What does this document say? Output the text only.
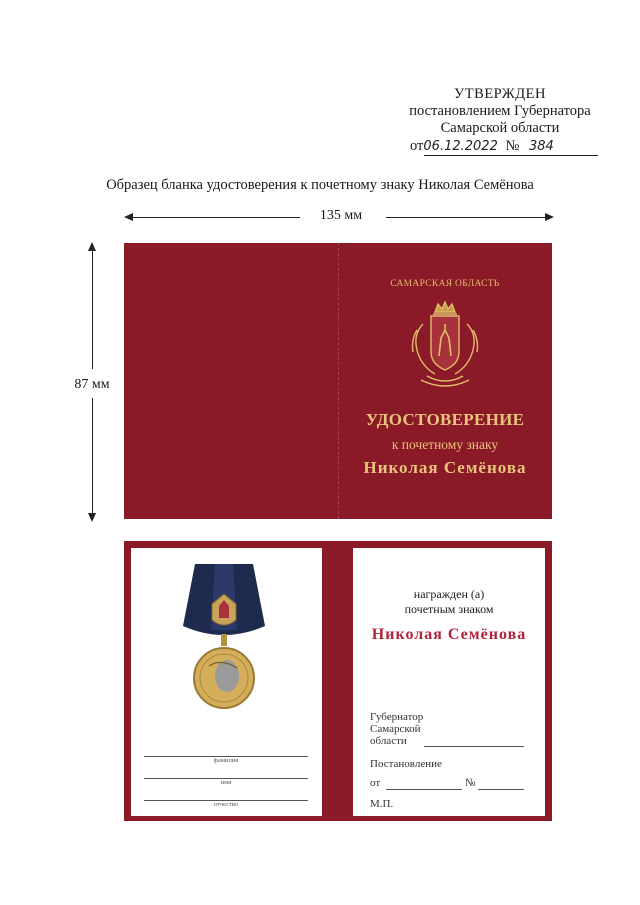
УТВЕРЖДЕН
постановлением Губернатора
Самарской области
от06.12.2022 № 384
Образец бланка удостоверения к почетному знаку Николая Семёнова
135 мм
87 мм
САМАРСКАЯ ОБЛАСТЬ
УДОСТОВЕРЕНИЕ
к почетному знаку
Николая Семёнова
фамилия
имя
отчество
награжден (а)
почетным знаком
Николая Семёнова
Губернатор
Самарской
области
Постановление
от	№
М.П.
